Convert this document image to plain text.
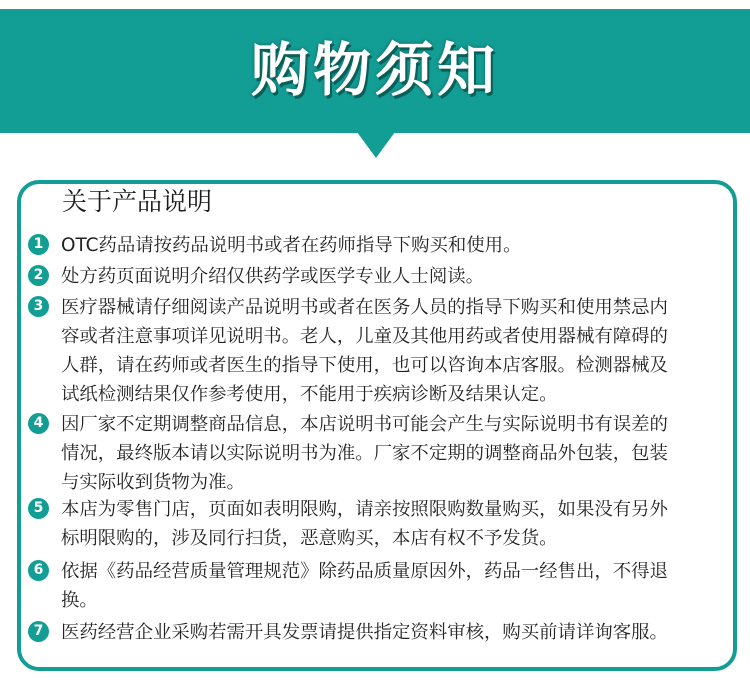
购物须知
关于产品说明
1 OTC药品请按药品说明书或者在药师指导下购买和使用。
2 处方药页面说明介绍仅供药学或医学专业人士阅读。
3 医疗器械请仔细阅读产品说明书或者在医务人员的指导下购买和使用禁忌内
容或者注意事项详见说明书。老人，儿童及其他用药或者使用器械有障碍的
人群，请在药师或者医生的指导下使用，也可以咨询本店客服。检测器械及
试纸检测结果仅作参考使用，不能用于疾病诊断及结果认定。
4 因厂家不定期调整商品信息，本店说明书可能会产生与实际说明书有误差的
情况，最终版本请以实际说明书为准。厂家不定期的调整商品外包装，包装
与实际收到货物为准。
5 本店为零售门店，页面如表明限购，请亲按照限购数量购买，如果没有另外
标明限购的，涉及同行扫货，恶意购买，本店有权不予发货。
6 依据《药品经营质量管理规范》除药品质量原因外，药品一经售出，不得退
换。
7 医药经营企业采购若需开具发票请提供指定资料审核，购买前请详询客服。
